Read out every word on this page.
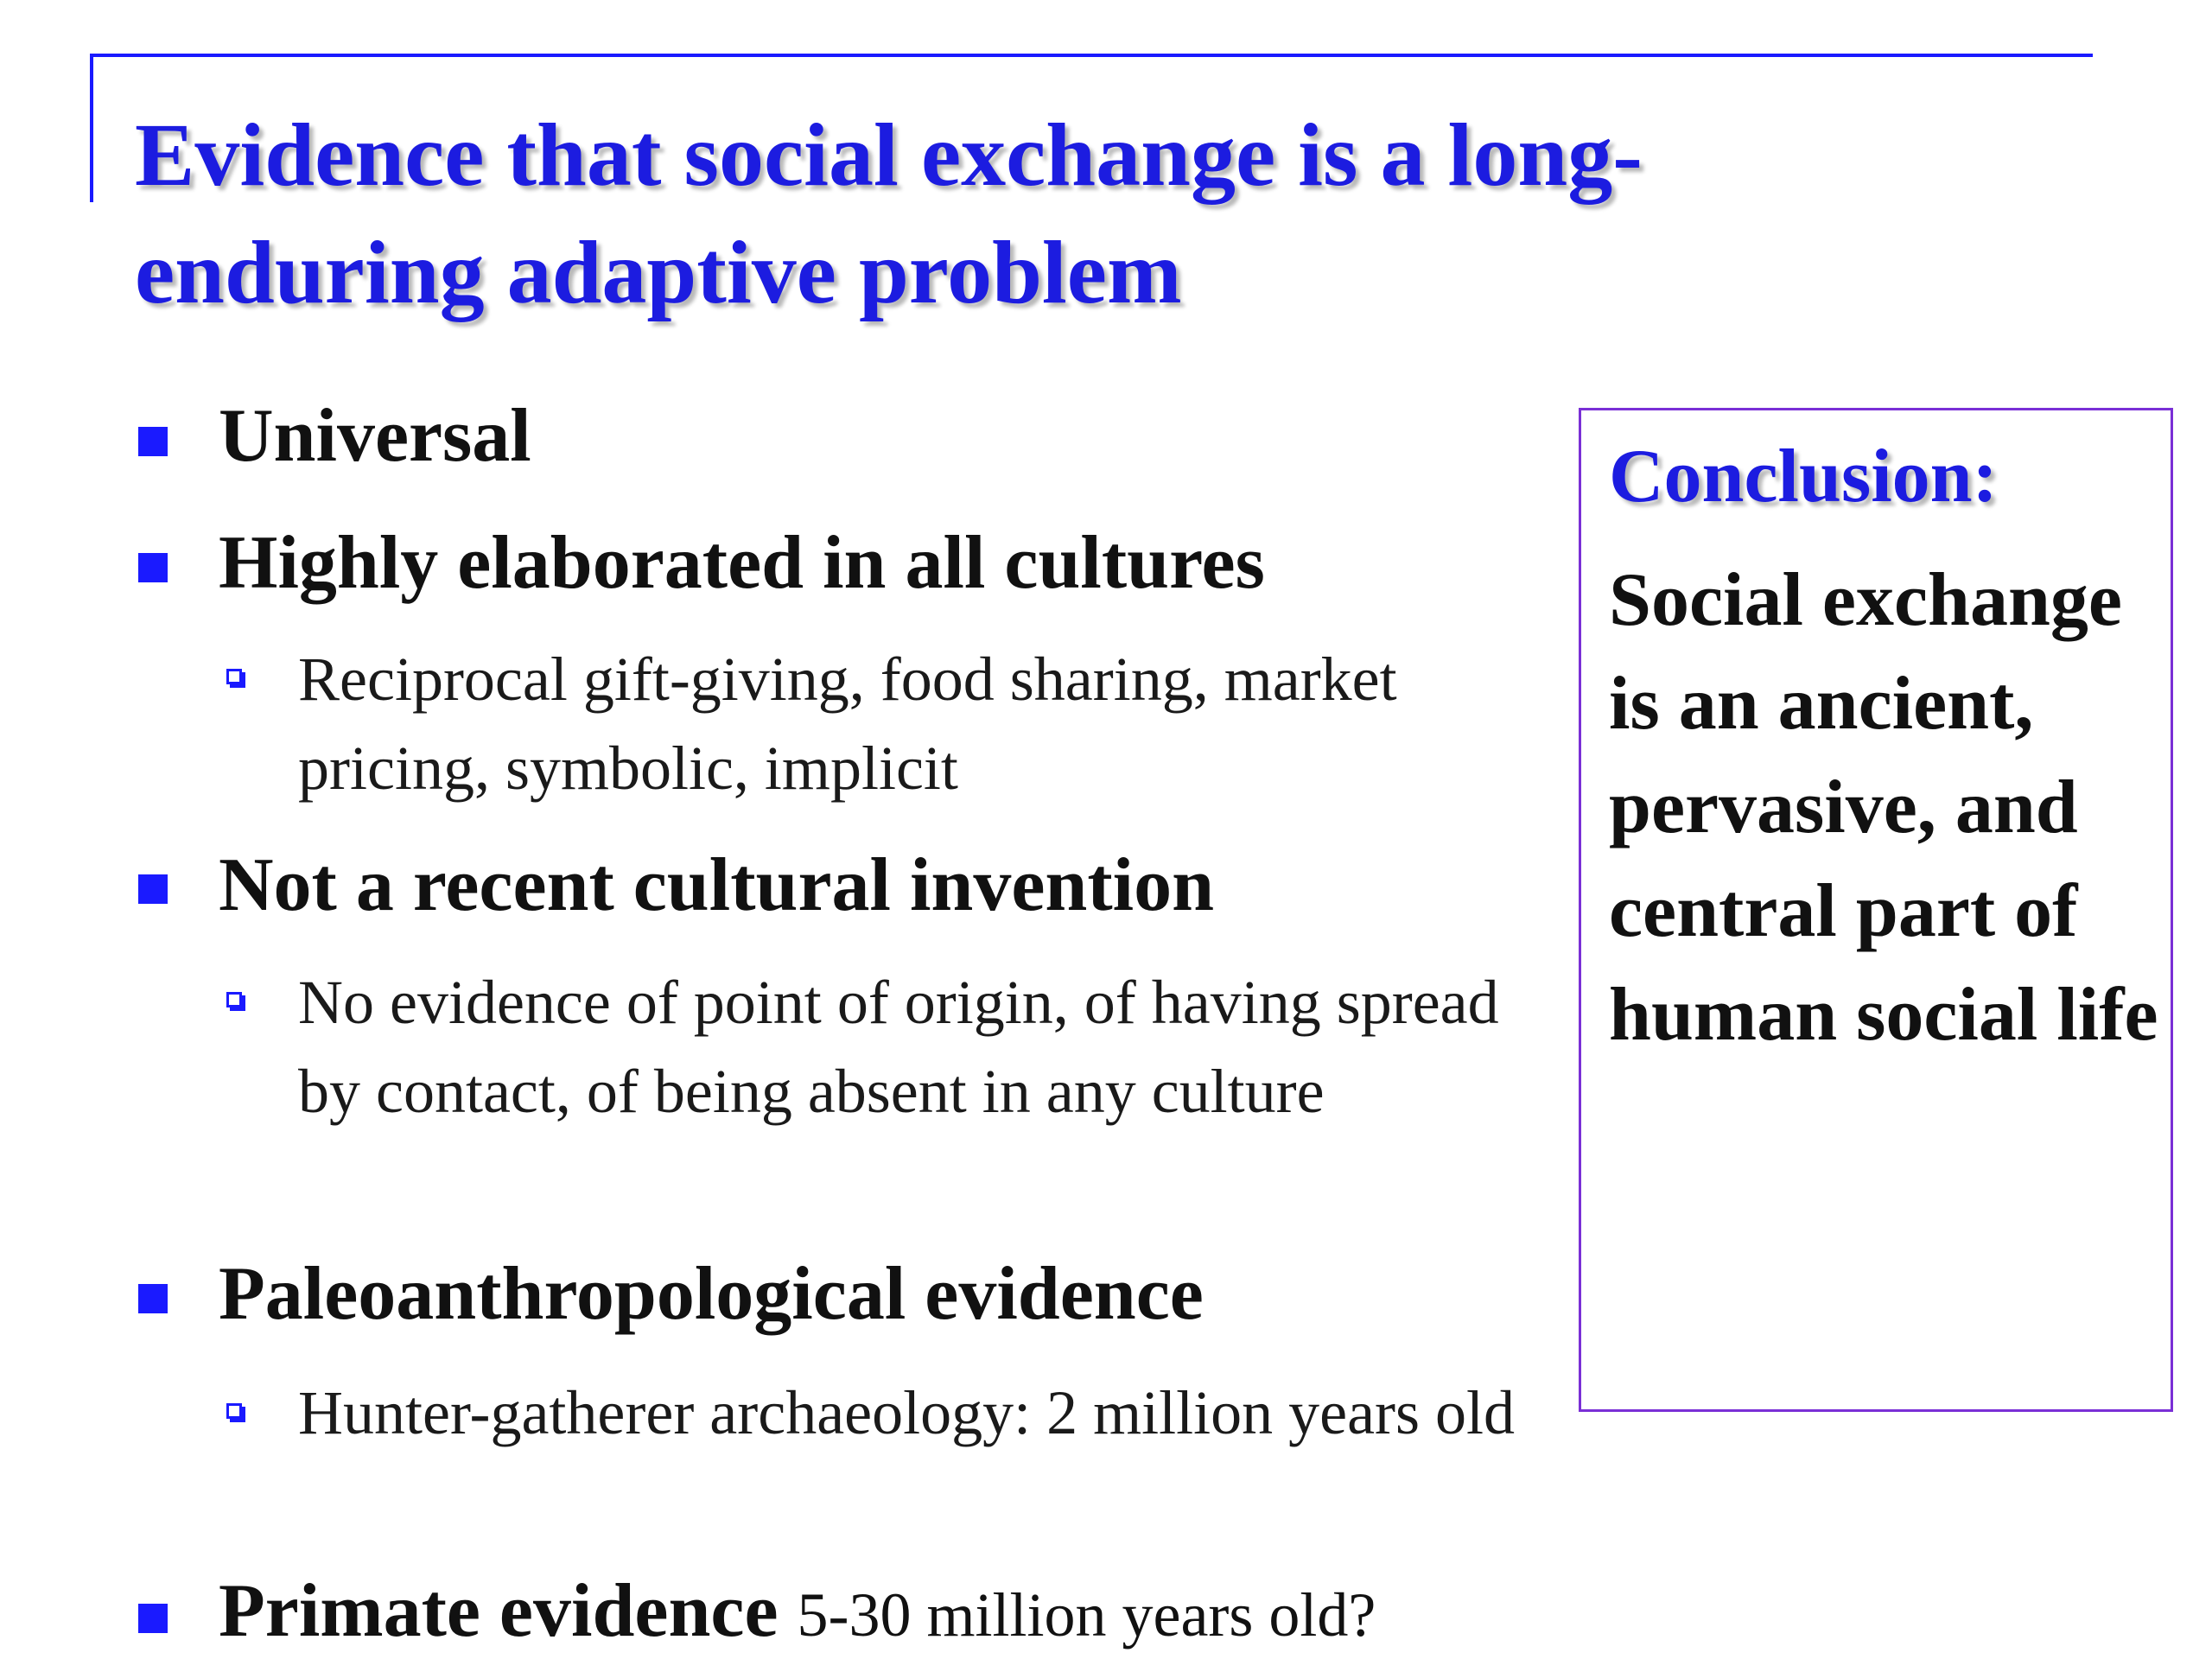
Evidence that social exchange is a long-enduring adaptive problem
Universal
Highly elaborated in all cultures
Reciprocal gift-giving, food sharing, market pricing, symbolic, implicit
Not a recent cultural invention
No evidence of point of origin, of having spread by contact, of being absent in any culture
Paleoanthropological evidence
Hunter-gatherer archaeology: 2 million years old
Primate evidence 5-30 million years old?
Conclusion:

Social exchange is an ancient, pervasive, and central part of human social life
